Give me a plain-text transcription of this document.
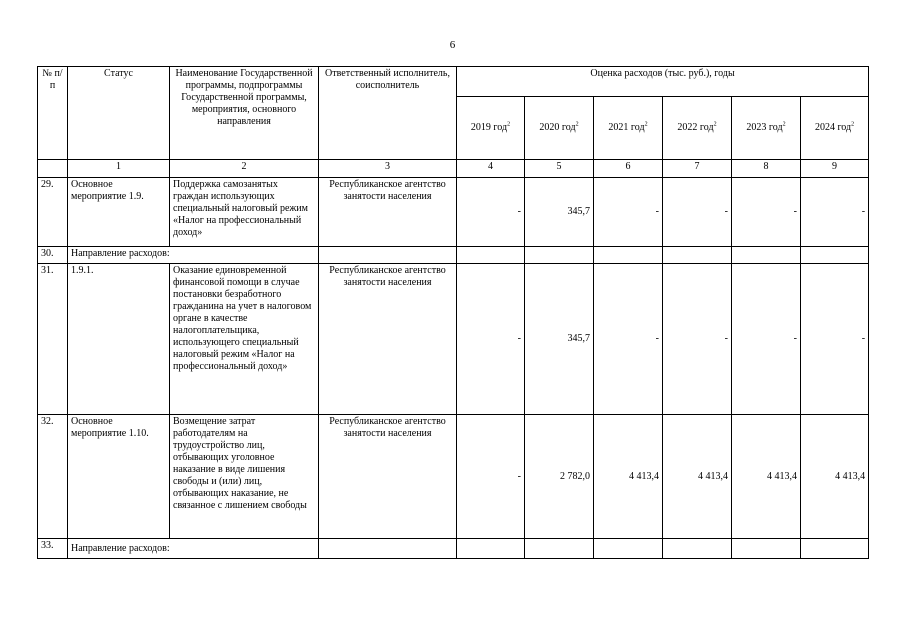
6
№ п/п	Статус	Наименование Государственной программы, подпрограммы Государственной программы, мероприятия, основного направления	Ответственный исполнитель, соисполнитель	Оценка расходов (тыс. руб.), годы					
				2019 год$^2$	2020 год$^2$	2021 год$^2$	2022 год$^2$	2023 год$^2$	2024 год$^2$
	1	2	3	4	5	6	7	8	9
29.	Основное мероприятие 1.9.	Поддержка самозанятых граждан использующих специальный налоговый режим «Налог на профессиональный доход»	Республиканское агентство занятости населения	-	345,7	-	-	-	-
30.	Направление расходов:								
31.	1.9.1.	Оказание единовременной финансовой помощи в случае постановки безработного гражданина на учет в налоговом органе в качестве налогоплательщика, использующего специальный налоговый режим «Налог на профессиональный доход»	Республиканское агентство занятости населения	-	345,7	-	-	-	-
32.	Основное мероприятие 1.10.	Возмещение затрат работодателям на трудоустройство лиц, отбывающих уголовное наказание в виде лишения свободы и (или) лиц, отбывающих наказание, не связанное с лишением свободы	Республиканское агентство занятости населения	-	2 782,0	4 413,4	4 413,4	4 413,4	4 413,4
33.	Направление расходов:								
